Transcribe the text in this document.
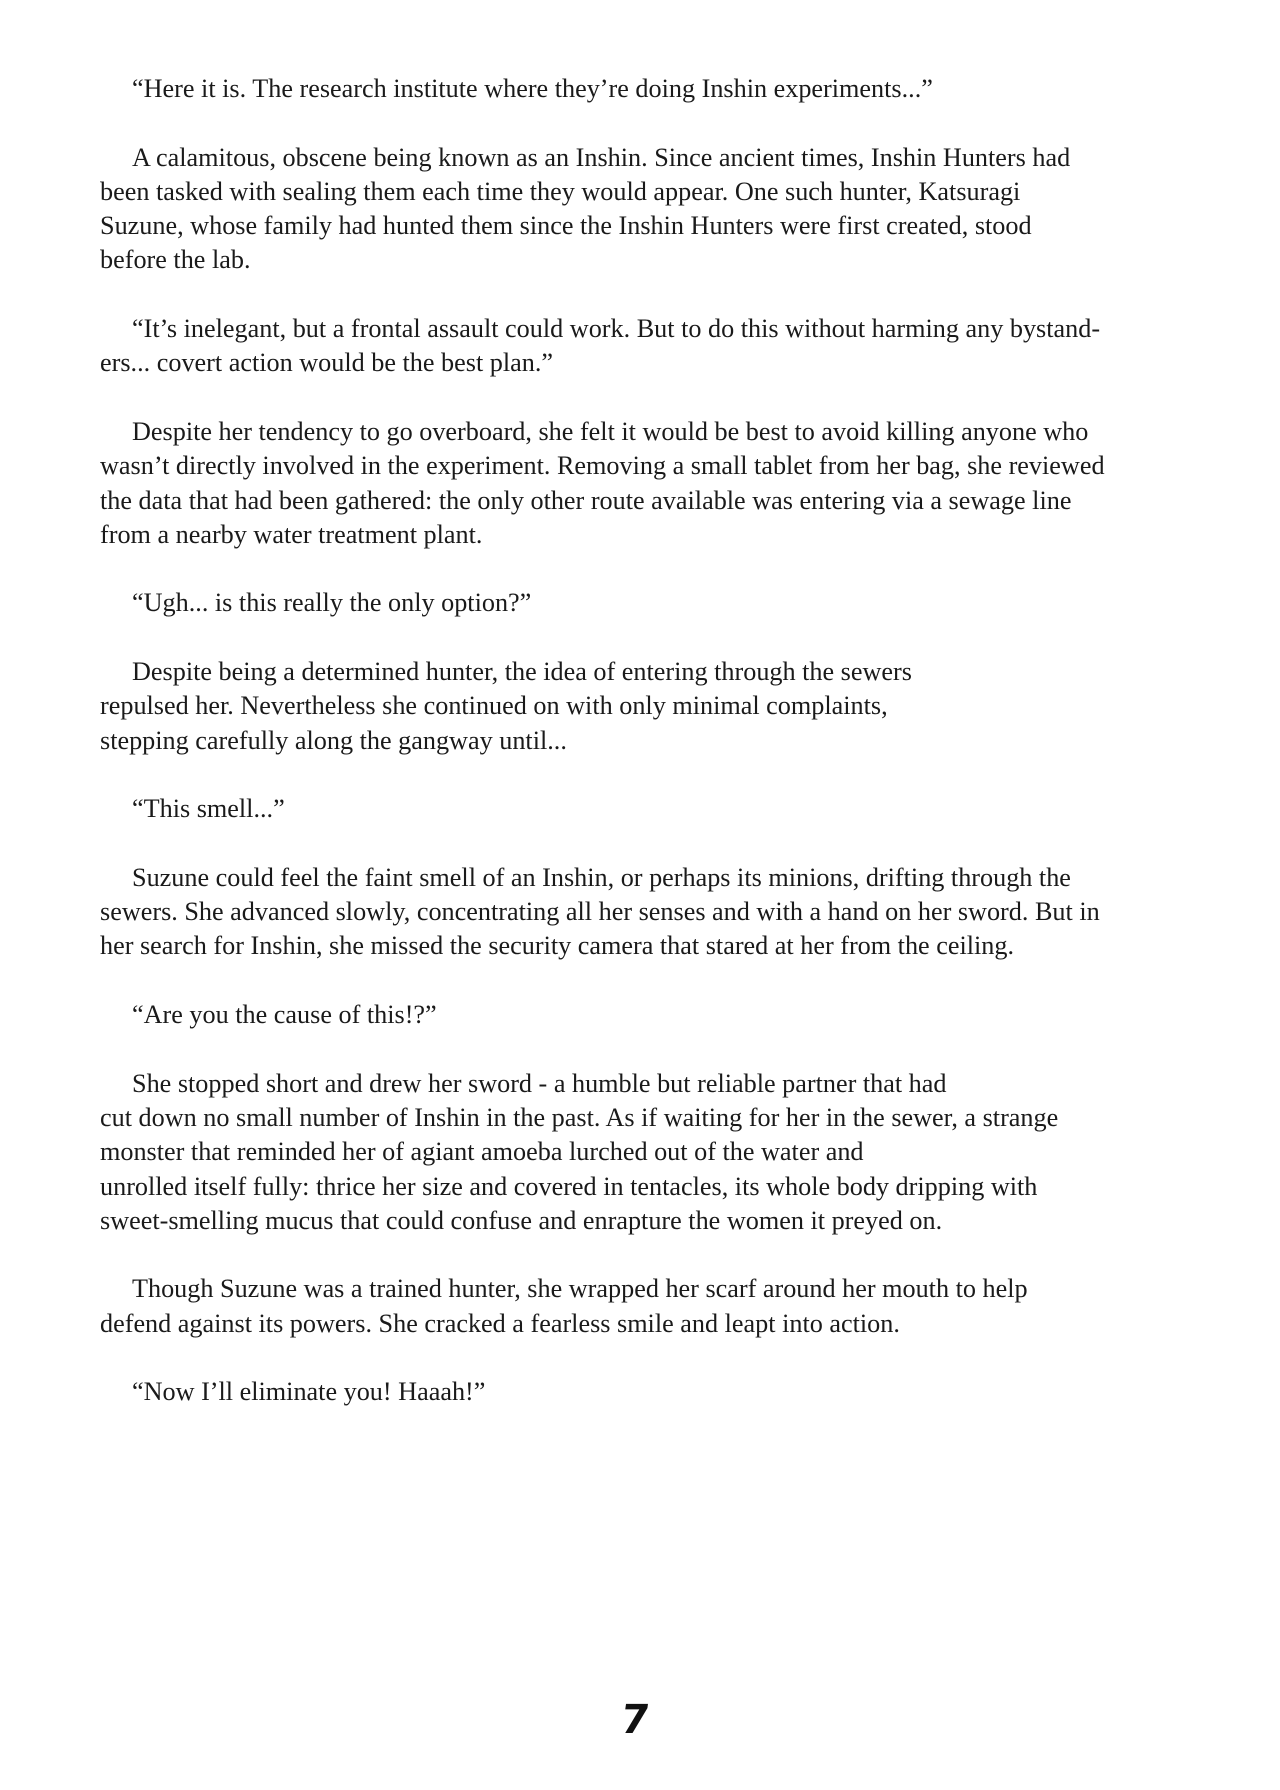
“Here it is. The research institute where they’re doing Inshin experiments...”

A calamitous, obscene being known as an Inshin. Since ancient times, Inshin Hunters had
been tasked with sealing them each time they would appear. One such hunter, Katsuragi
Suzune, whose family had hunted them since the Inshin Hunters were first created, stood
before the lab.

“It’s inelegant, but a frontal assault could work. But to do this without harming any bystand-
ers... covert action would be the best plan.”

Despite her tendency to go overboard, she felt it would be best to avoid killing anyone who
wasn’t directly involved in the experiment. Removing a small tablet from her bag, she reviewed
the data that had been gathered: the only other route available was entering via a sewage line
from a nearby water treatment plant.

“Ugh... is this really the only option?”

Despite being a determined hunter, the idea of entering through the sewers
repulsed her. Nevertheless she continued on with only minimal complaints,
stepping carefully along the gangway until...

“This smell...”

Suzune could feel the faint smell of an Inshin, or perhaps its minions, drifting through the
sewers. She advanced slowly, concentrating all her senses and with a hand on her sword. But in
her search for Inshin, she missed the security camera that stared at her from the ceiling.

“Are you the cause of this!?”

She stopped short and drew her sword - a humble but reliable partner that had
cut down no small number of Inshin in the past. As if waiting for her in the sewer, a strange
monster that reminded her of agiant amoeba lurched out of the water and
unrolled itself fully: thrice her size and covered in tentacles, its whole body dripping with
sweet-smelling mucus that could confuse and enrapture the women it preyed on.

Though Suzune was a trained hunter, she wrapped her scarf around her mouth to help
defend against its powers. She cracked a fearless smile and leapt into action.

“Now I’ll eliminate you! Haaah!”

7
